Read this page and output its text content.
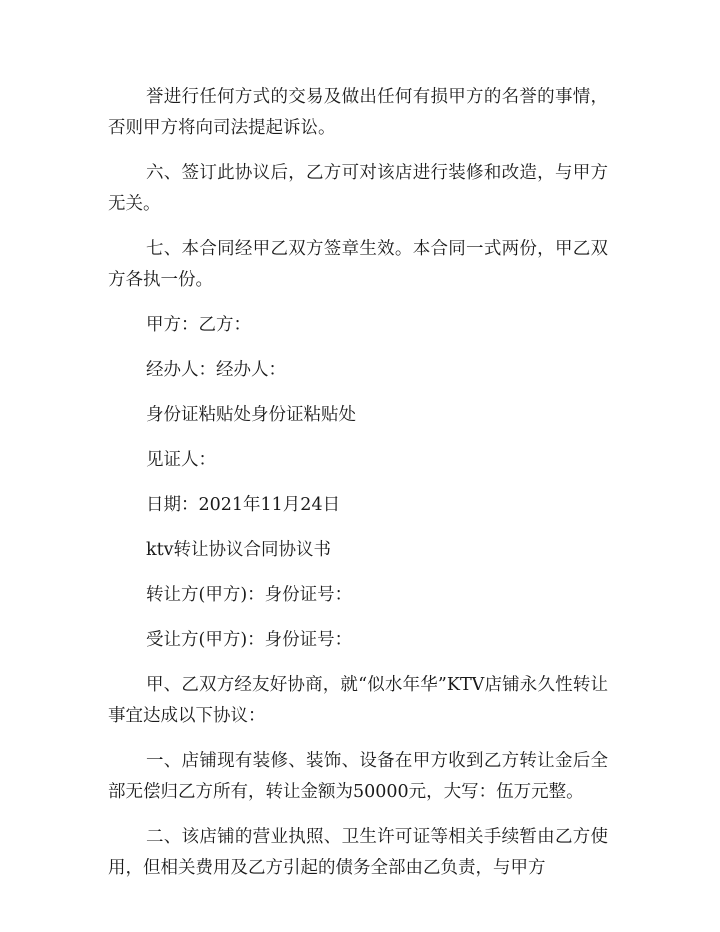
誉进行任何方式的交易及做出任何有损甲方的名誉的事情，否则甲方将向司法提起诉讼。

六、签订此协议后，乙方可对该店进行装修和改造，与甲方无关。

七、本合同经甲乙双方签章生效。本合同一式两份，甲乙双方各执一份。

甲方：乙方：

经办人：经办人：

身份证粘贴处身份证粘贴处

见证人：

日期：2021年11月24日

ktv转让协议合同协议书

转让方(甲方)：身份证号：

受让方(甲方)：身份证号：

甲、乙双方经友好协商，就“似水年华”KTV店铺永久性转让事宜达成以下协议：

一、店铺现有装修、装饰、设备在甲方收到乙方转让金后全部无偿归乙方所有，转让金额为50000元，大写：伍万元整。

二、该店铺的营业执照、卫生许可证等相关手续暂由乙方使用，但相关费用及乙方引起的债务全部由乙负责，与甲方
